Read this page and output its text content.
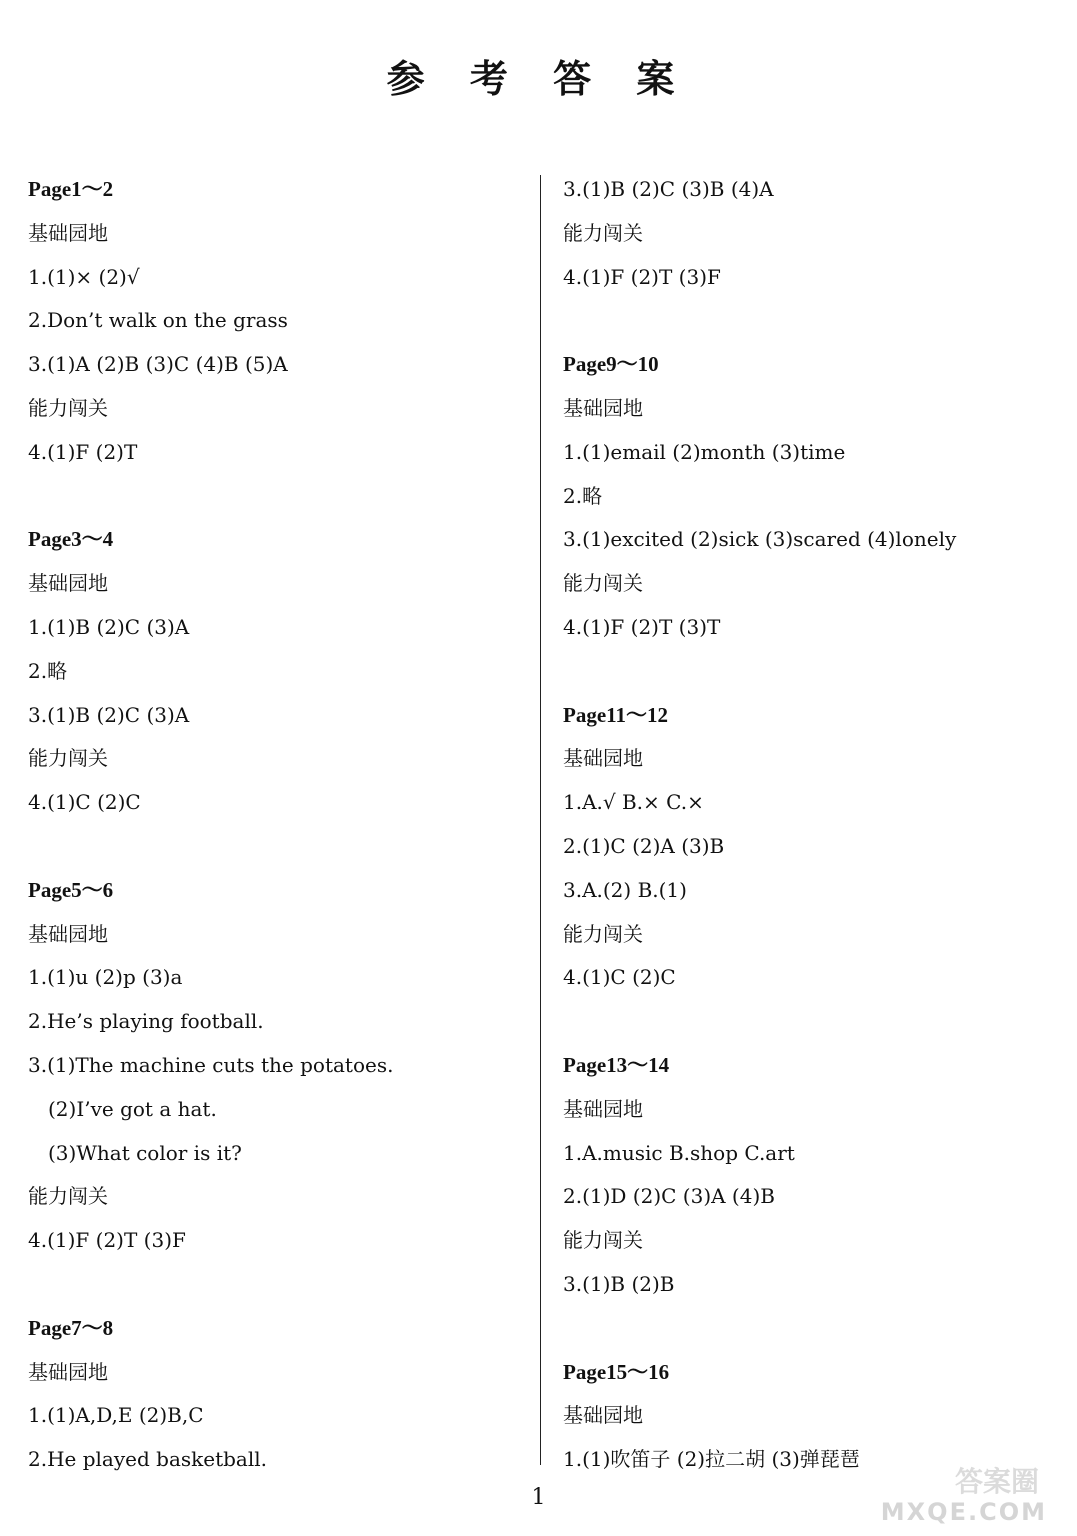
参 考 答 案
Page1～2
基础园地
1.(1)× (2)√
2.Don’t walk on the grass
3.(1)A (2)B (3)C (4)B (5)A
能力闯关
4.(1)F (2)T
Page3～4
基础园地
1.(1)B (2)C (3)A
2.略
3.(1)B (2)C (3)A
能力闯关
4.(1)C (2)C
Page5～6
基础园地
1.(1)u (2)p (3)a
2.He’s playing football.
3.(1)The machine cuts the potatoes.
(2)I’ve got a hat.
(3)What color is it?
能力闯关
4.(1)F (2)T (3)F
Page7～8
基础园地
1.(1)A,D,E (2)B,C
2.He played basketball.
3.(1)B (2)C (3)B (4)A
能力闯关
4.(1)F (2)T (3)F
Page9～10
基础园地
1.(1)email (2)month (3)time
2.略
3.(1)excited (2)sick (3)scared (4)lonely
能力闯关
4.(1)F (2)T (3)T
Page11～12
基础园地
1.A.√ B.× C.×
2.(1)C (2)A (3)B
3.A.(2) B.(1)
能力闯关
4.(1)C (2)C
Page13～14
基础园地
1.A.music B.shop C.art
2.(1)D (2)C (3)A (4)B
能力闯关
3.(1)B (2)B
Page15～16
基础园地
1.(1)吹笛子 (2)拉二胡 (3)弹琵琶
1	答案圈
MXQE.COM
